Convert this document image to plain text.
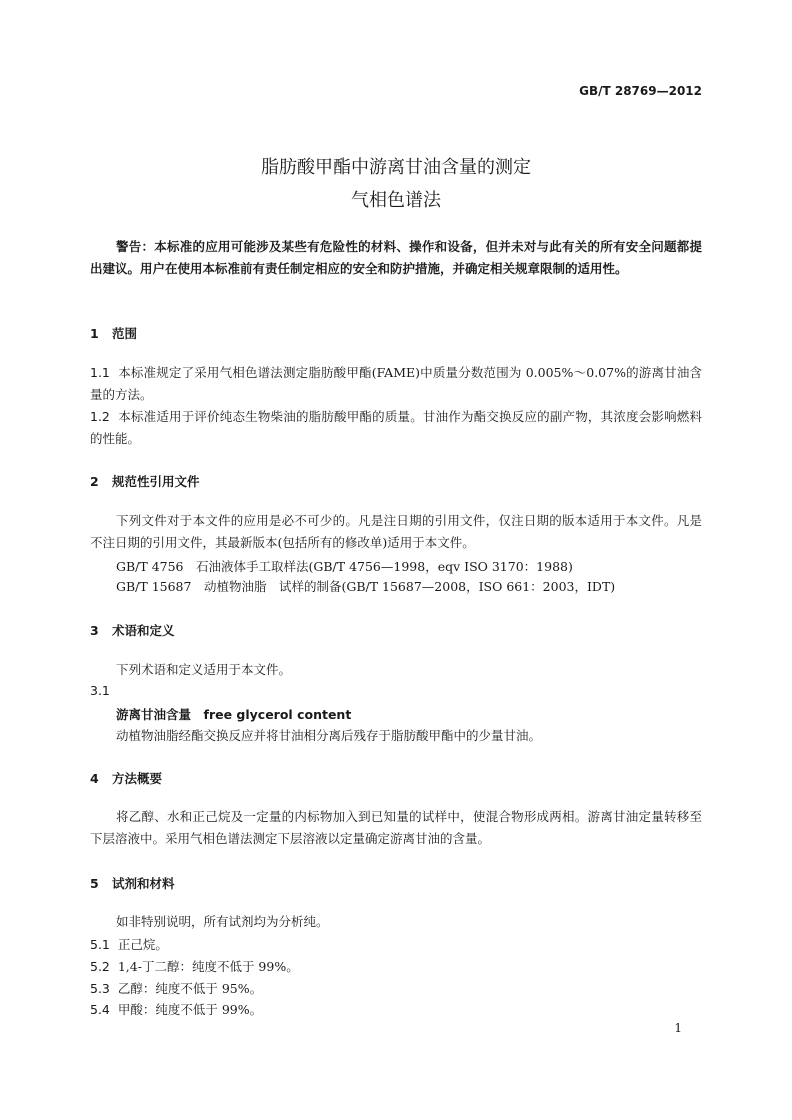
GB/T 28769—2012
脂肪酸甲酯中游离甘油含量的测定
气相色谱法
警告：本标准的应用可能涉及某些有危险性的材料、操作和设备，但并未对与此有关的所有安全问题都提出建议。用户在使用本标准前有责任制定相应的安全和防护措施，并确定相关规章限制的适用性。
1 范围
1.1 本标准规定了采用气相色谱法测定脂肪酸甲酯(FAME)中质量分数范围为 0.005%～0.07%的游离甘油含量的方法。
1.2 本标准适用于评价纯态生物柴油的脂肪酸甲酯的质量。甘油作为酯交换反应的副产物，其浓度会影响燃料的性能。
2 规范性引用文件
下列文件对于本文件的应用是必不可少的。凡是注日期的引用文件，仅注日期的版本适用于本文件。凡是不注日期的引用文件，其最新版本(包括所有的修改单)适用于本文件。
GB/T 4756　石油液体手工取样法(GB/T 4756—1998，eqv ISO 3170：1988)
GB/T 15687　动植物油脂　试样的制备(GB/T 15687—2008，ISO 661：2003，IDT)
3 术语和定义
下列术语和定义适用于本文件。
3.1
游离甘油含量　free glycerol content
动植物油脂经酯交换反应并将甘油相分离后残存于脂肪酸甲酯中的少量甘油。
4 方法概要
将乙醇、水和正己烷及一定量的内标物加入到已知量的试样中，使混合物形成两相。游离甘油定量转移至下层溶液中。采用气相色谱法测定下层溶液以定量确定游离甘油的含量。
5 试剂和材料
如非特别说明，所有试剂均为分析纯。
5.1 正己烷。
5.2 1,4-丁二醇：纯度不低于 99%。
5.3 乙醇：纯度不低于 95%。
5.4 甲酸：纯度不低于 99%。
1
